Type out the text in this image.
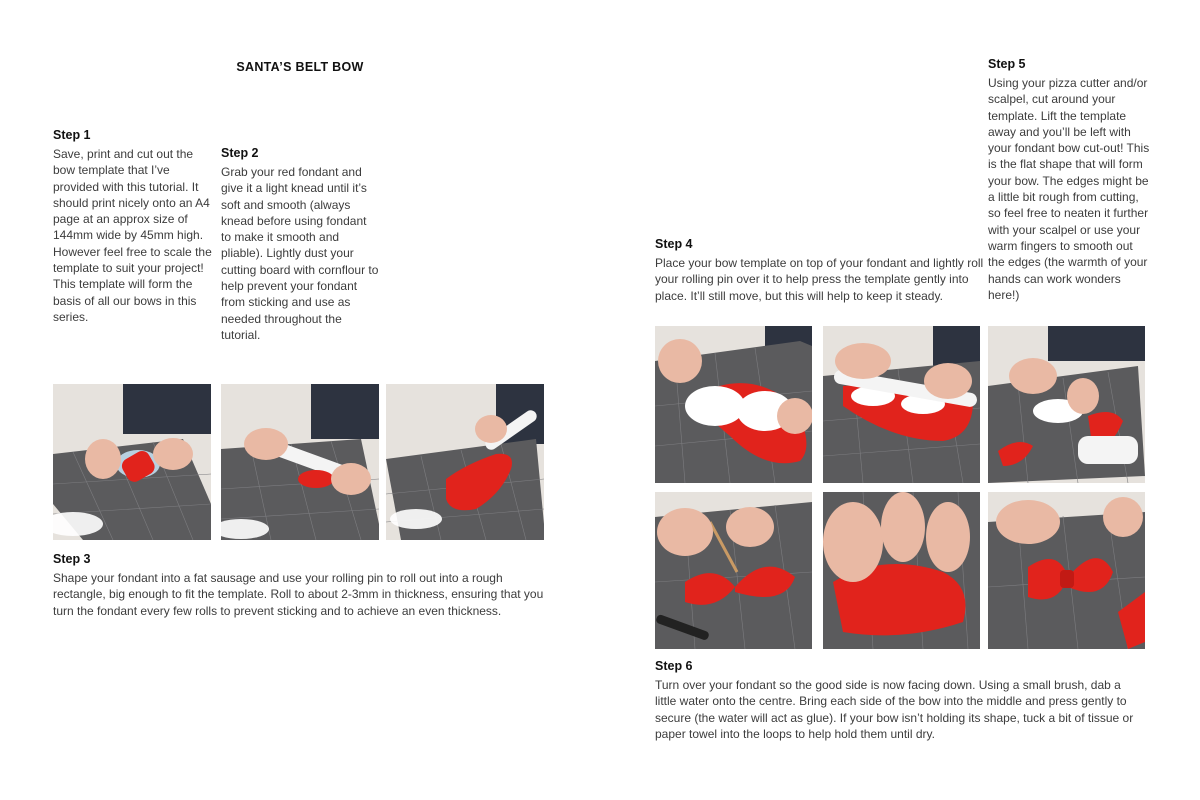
SANTA’S BELT BOW
Step 1

Save, print and cut out the bow template that I’ve provided with this tutorial. It should print nicely onto an A4 page at an approx size of 144mm wide by 45mm high. However feel free to scale the template to suit your project! This template will form the basis of all our bows in this series.

Step 2

Grab your red fondant and give it a light knead until it’s soft and smooth (always knead before using fondant to make it smooth and pliable). Lightly dust your cutting board with cornflour to help prevent your fondant from sticking and use as needed throughout the tutorial.

Step 3

Shape your fondant into a fat sausage and use your rolling pin to roll out into a rough rectangle, big enough to fit the template. Roll to about 2-3mm in thickness, ensuring that you turn the fondant every few rolls to prevent sticking and to achieve an even thickness.

Step 4

Place your bow template on top of your fondant and lightly roll your rolling pin over it to help press the template gently into place. It’ll still move, but this will help to keep it steady.

Step 5

Using your pizza cutter and/or scalpel, cut around your template. Lift the template away and you’ll be left with your fondant bow cut-out! This is the flat shape that will form your bow. The edges might be a little bit rough from cutting, so feel free to neaten it further with your scalpel or use your warm fingers to smooth out the edges (the warmth of your hands can work wonders here!)

Step 6

Turn over your fondant so the good side is now facing down. Using a small brush, dab a little water onto the centre. Bring each side of the bow into the middle and press gently to secure (the water will act as glue). If your bow isn’t holding its shape, tuck a bit of tissue or paper towel into the loops to help hold them until dry.
